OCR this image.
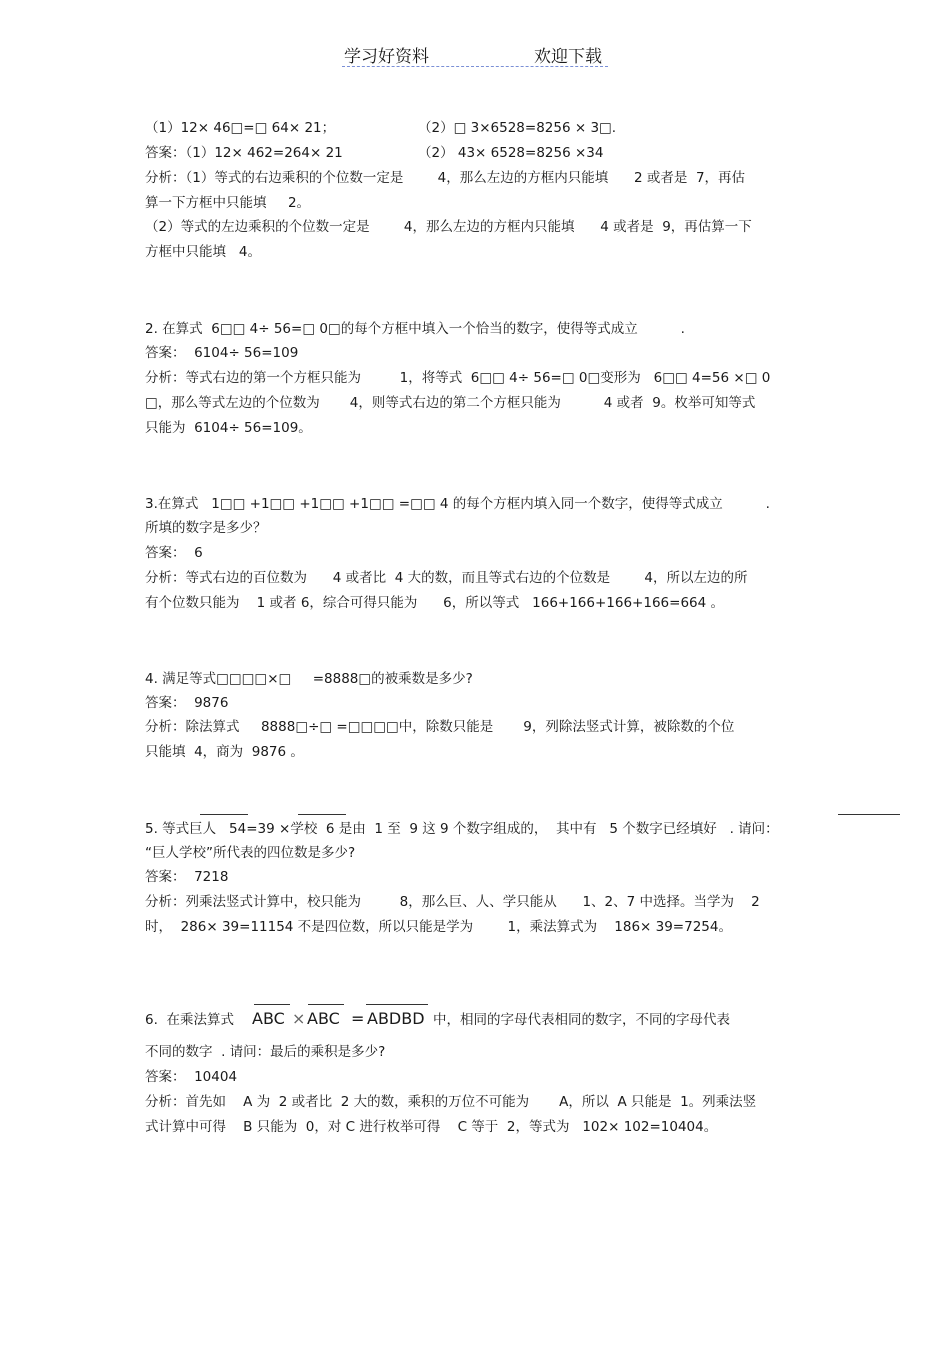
学习好资料	欢迎下载
（1）12× 46□=□ 64× 21；	（2）□ 3×6528=8256 × 3□.
答案：（1）12× 462=264× 21	（2） 43× 6528=8256 ×34
分析：（1）等式的右边乘积的个位数一定是        4，那么左边的方框内只能填      2 或者是  7，再估
算一下方框中只能填     2。
（2）等式的左边乘积的个位数一定是        4，那么左边的方框内只能填      4 或者是  9，再估算一下
方框中只能填   4。
2. 在算式  6□□ 4÷ 56=□ 0□的每个方框中填入一个恰当的数字，使得等式成立          .
答案：  6104÷ 56=109
分析：等式右边的第一个方框只能为         1，将等式  6□□ 4÷ 56=□ 0□变形为   6□□ 4=56 ×□ 0
□，那么等式左边的个位数为       4，则等式右边的第二个方框只能为          4 或者  9。枚举可知等式
只能为  6104÷ 56=109。
3.在算式   1□□ +1□□ +1□□ +1□□ =□□ 4 的每个方框内填入同一个数字，使得等式成立          .
所填的数字是多少？
答案：  6
分析：等式右边的百位数为      4 或者比  4 大的数，而且等式右边的个位数是        4，所以左边的所
有个位数只能为    1 或者 6，综合可得只能为      6，所以等式   166+166+166+166=664 。
4. 满足等式□□□□×□     =8888□的被乘数是多少?
答案：  9876
分析：除法算式     8888□÷□ =□□□□中，除数只能是       9，列除法竖式计算，被除数的个位
只能填  4，商为  9876 。
5. 等式巨人   54=39 ×学校  6 是由  1 至  9 这 9 个数字组成的，  其中有   5 个数字已经填好   . 请问：
“巨人学校”所代表的四位数是多少?
答案：  7218
分析：列乘法竖式计算中，校只能为         8，那么巨、人、学只能从      1、2、7 中选择。当学为    2
时，  286× 39=11154 不是四位数，所以只能是学为        1，乘法算式为    186× 39=7254。
6.  在乘法算式 ABC × ABC = ABDBD 中，相同的字母代表相同的数字，不同的字母代表
不同的数字  . 请问：最后的乘积是多少?
答案：  10404
分析：首先如    A 为  2 或者比  2 大的数，乘积的万位不可能为       A，所以  A 只能是  1。列乘法竖
式计算中可得    B 只能为  0，对 C 进行枚举可得    C 等于  2，等式为   102× 102=10404。
